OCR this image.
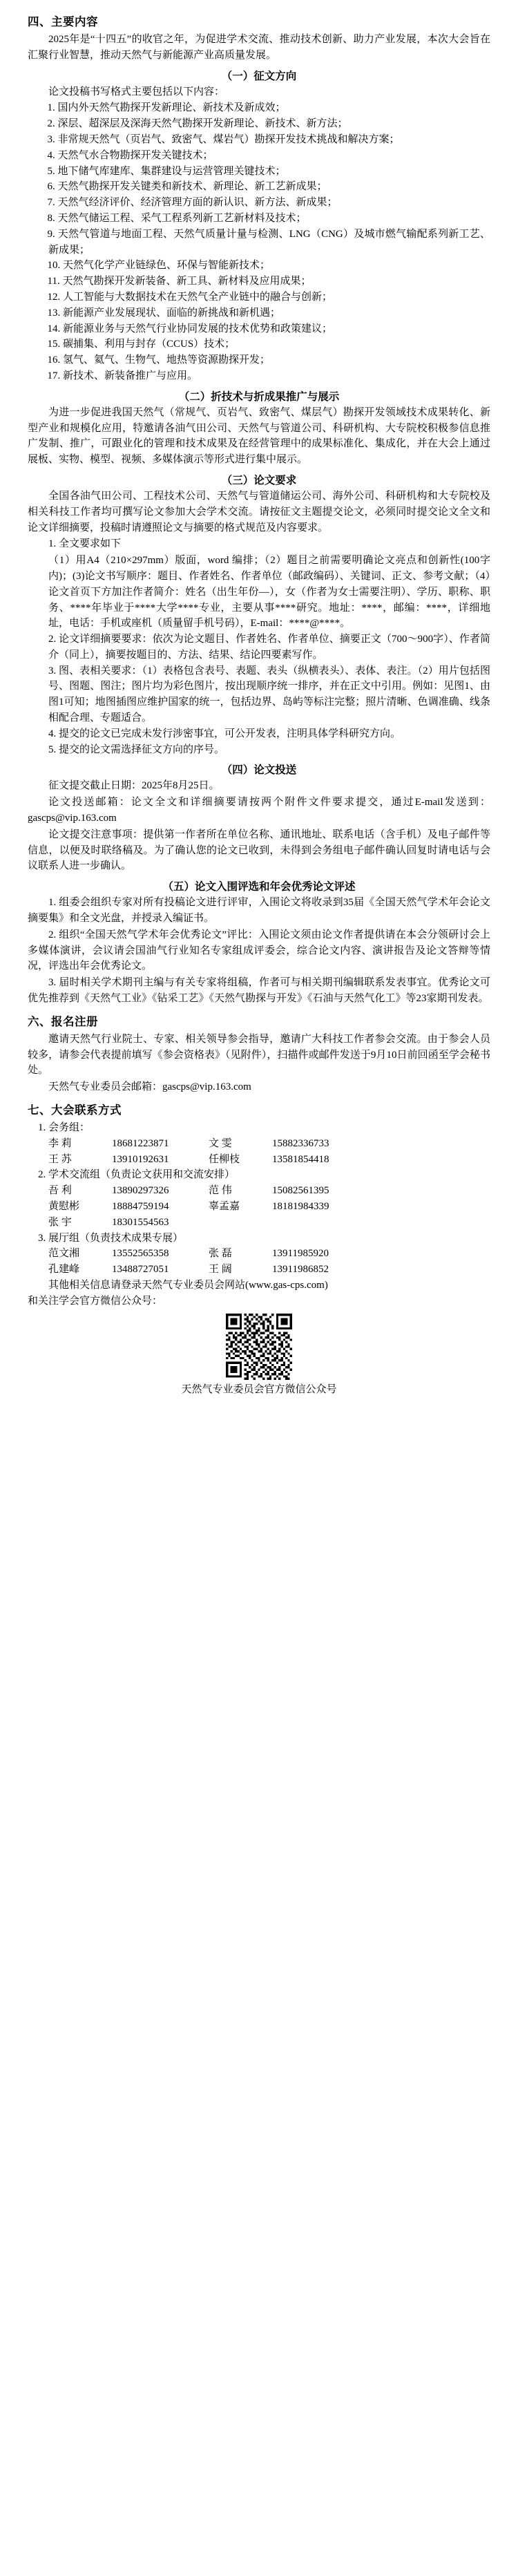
四、主要内容
2025年是“十四五”的收官之年，为促进学术交流、推动技术创新、助力产业发展，本次大会旨在汇聚行业智慧，推动天然气与新能源产业高质量发展。
（一）征文方向
论文投稿书写格式主要包括以下内容：
1. 国内外天然气勘探开发新理论、新技术及新成效；
2. 深层、超深层及深海天然气勘探开发新理论、新技术、新方法；
3. 非常规天然气（页岩气、致密气、煤岩气）勘探开发技术挑战和解决方案；
4. 天然气水合物勘探开发关键技术；
5. 地下储气库建库、集群建设与运营管理关键技术；
6. 天然气勘探开发关键类和新技术、新理论、新工艺新成果；
7. 天然气经济评价、经济管理方面的新认识、新方法、新成果；
8. 天然气储运工程、采气工程系列新工艺新材料及技术；
9. 天然气管道与地面工程、天然气质量计量与检测、LNG（CNG）及城市燃气输配系列新工艺、新成果；
10. 天然气化学产业链绿色、环保与智能新技术；
11. 天然气勘探开发新装备、新工具、新材料及应用成果；
12. 人工智能与大数据技术在天然气全产业链中的融合与创新；
13. 新能源产业发展现状、面临的新挑战和新机遇；
14. 新能源业务与天然气行业协同发展的技术优势和政策建议；
15. 碳捕集、利用与封存（CCUS）技术；
16. 氢气、氦气、生物气、地热等资源勘探开发；
17. 新技术、新装备推广与应用。
（二）折技术与折成果推广与展示
为进一步促进我国天然气（常规气、页岩气、致密气、煤层气）勘探开发领域技术成果转化、新型产业和规模化应用，特邀请各油气田公司、天然气与管道公司、科研机构、大专院校积极参信息推广发制、推广，可跟业化的管理和技术成果及在经营管理中的成果标准化、集成化，并在大会上通过展板、实物、模型、视频、多媒体演示等形式进行集中展示。
（三）论文要求
全国各油气田公司、工程技术公司、天然气与管道储运公司、海外公司、科研机构和大专院校及相关科技工作者均可撰写论文参加大会学术交流。请按征文主题提交论文，必须同时提交论文全文和论文详细摘要，投稿时请遵照论文与摘要的格式规范及内容要求。
1. 全文要求如下
（1）用A4（210×297mm）版面，word 编排；（2）题目之前需要明确论文亮点和创新性(100字内)；(3)论文书写顺序：题目、作者姓名、作者单位（邮政编码）、关键词、正文、参考文献；（4）论文首页下方加注作者简介：姓名（出生年份—），女（作者为女士需要注明）、学历、职称、职务、****年毕业于****大学****专业，主要从事****研究。地址：****，邮编：****，详细地址，电话：手机或座机（质量留手机号码），E-mail：****@****。
2. 论文详细摘要要求：依次为论文题目、作者姓名、作者单位、摘要正文（700～900字）、作者简介（同上），摘要按题目的、方法、结果、结论四要素写作。
3. 图、表相关要求：（1）表格包含表号、表题、表头（纵横表头）、表体、表注。（2）用片包括图号、图题、图注；图片均为彩色图片，按出现顺序统一排序，并在正文中引用。例如：见图1、由图1可知；地图插图应维护国家的统一，包括边界、岛屿等标注完整；照片清晰、色调准确、线条相配合理、专题适合。
4. 提交的论文已完成未发行涉密事宜，可公开发表，注明具体学科研究方向。
5. 提交的论文需选择征文方向的序号。
（四）论文投送
征文提交截止日期：2025年8月25日。
论文投送邮箱：论文全文和详细摘要请按两个附件文件要求提交，通过E-mail发送到：gascps@vip.163.com
论文提交注意事项：提供第一作者所在单位名称、通讯地址、联系电话（含手机）及电子邮件等信息，以便及时联络稿及。为了确认您的论文已收到，未得到会务组电子邮件确认回复时请电话与会议联系人进一步确认。
（五）论文入围评选和年会优秀论文评述
1. 组委会组织专家对所有投稿论文进行评审，入围论文将收录到35届《全国天然气学术年会论文摘要集》和全文光盘，并授录入编证书。
2. 组织“全国天然气学术年会优秀论文”评比：入围论文须由论文作者提供请在本会分领研讨会上多媒体演讲，会议请会国油气行业知名专家组成评委会，综合论文内容、演讲报告及论文答辩等情况，评选出年会优秀论文。
3. 届时相关学术期刊主编与有关专家将组稿，作者可与相关期刊编辑联系发表事宜。优秀论文可优先推荐到《天然气工业》《钻采工艺》《天然气勘探与开发》《石油与天然气化工》等23家期刊发表。
六、报名注册
邀请天然气行业院士、专家、相关领导参会指导，邀请广大科技工作者参会交流。由于参会人员较多，请参会代表提前填写《参会资格表》（见附件），扫描件或邮件发送于9月10日前回函至学会秘书处。
天然气专业委员会邮箱：gascps@vip.163.com
七、大会联系方式
1. 会务组：
李 莉	18681223871	文 雯	15882336733
王 苏	13910192631	任柳枝	13581854418
2. 学术交流组（负责论文获用和交流安排）
吾 利	13890297326	范 伟	15082561395
黄慰彬	18884759194	辜孟嘉	18181984339
张 宇	18301554563
3. 展厅组（负责技术成果专展）
范文湘	13552565358	张 磊	13911985920
孔建峰	13488727051	王 阔	13911986852
其他相关信息请登录天然气专业委员会网站(www.gas-cps.com)
和关注学会官方微信公众号：
天然气专业委员会官方微信公众号
